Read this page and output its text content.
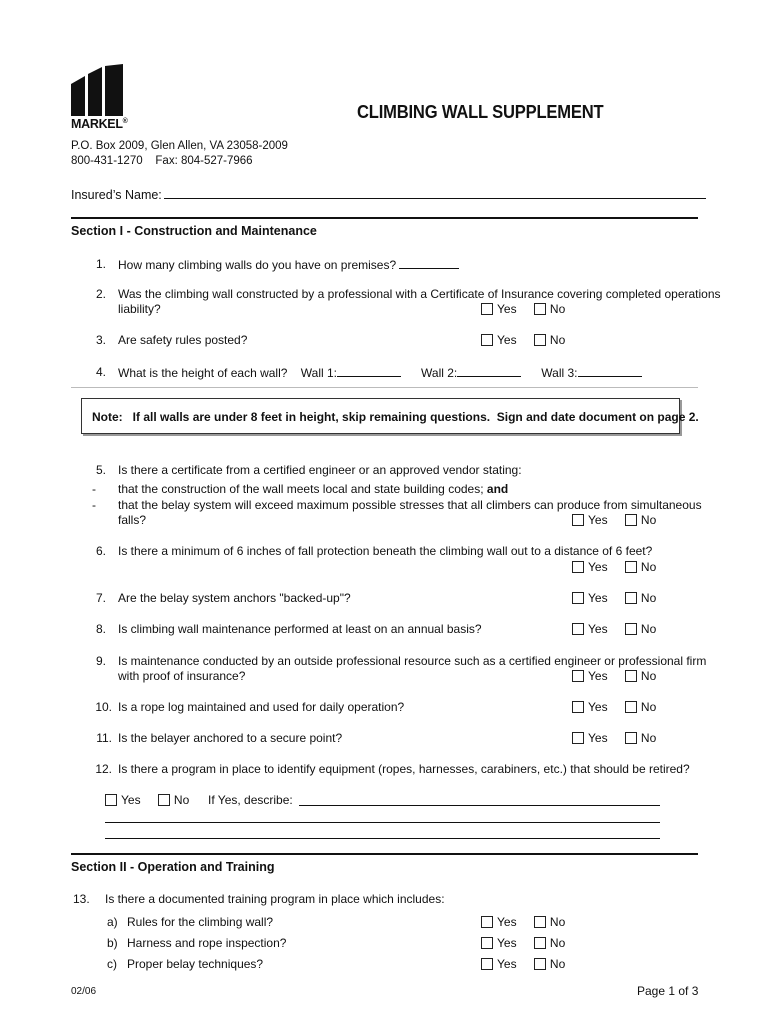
MARKEL®	CLIMBING WALL SUPPLEMENT
P.O. Box 2009, Glen Allen, VA 23058-2009
800-431-1270    Fax: 804-527-7966
Insured’s Name:
Section I - Construction and Maintenance
1. How many climbing walls do you have on premises?
2. Was the climbing wall constructed by a professional with a Certificate of Insurance covering completed operations
liability?	Yes	No
3. Are safety rules posted?	Yes	No
4. What is the height of each wall? Wall 1:	Wall 2:	Wall 3:
Note:   If all walls are under 8 feet in height, skip remaining questions.  Sign and date document on page 2.
5. Is there a certificate from a certified engineer or an approved vendor stating:
- that the construction of the wall meets local and state building codes; and
- that the belay system will exceed maximum possible stresses that all climbers can produce from simultaneous
falls?	Yes	No
6. Is there a minimum of 6 inches of fall protection beneath the climbing wall out to a distance of 6 feet?
Yes	No
7. Are the belay system anchors "backed-up"?	Yes	No
8. Is climbing wall maintenance performed at least on an annual basis?	Yes	No
9. Is maintenance conducted by an outside professional resource such as a certified engineer or professional firm
with proof of insurance?	Yes	No
10. Is a rope log maintained and used for daily operation?	Yes	No
11. Is the belayer anchored to a secure point?	Yes	No
12. Is there a program in place to identify equipment (ropes, harnesses, carabiners, etc.) that should be retired?
Yes	No If Yes, describe:
Section II - Operation and Training
13. Is there a documented training program in place which includes:
a) Rules for the climbing wall?	Yes	No
b) Harness and rope inspection?	Yes	No
c) Proper belay techniques?	Yes	No
02/06	Page 1 of 3
